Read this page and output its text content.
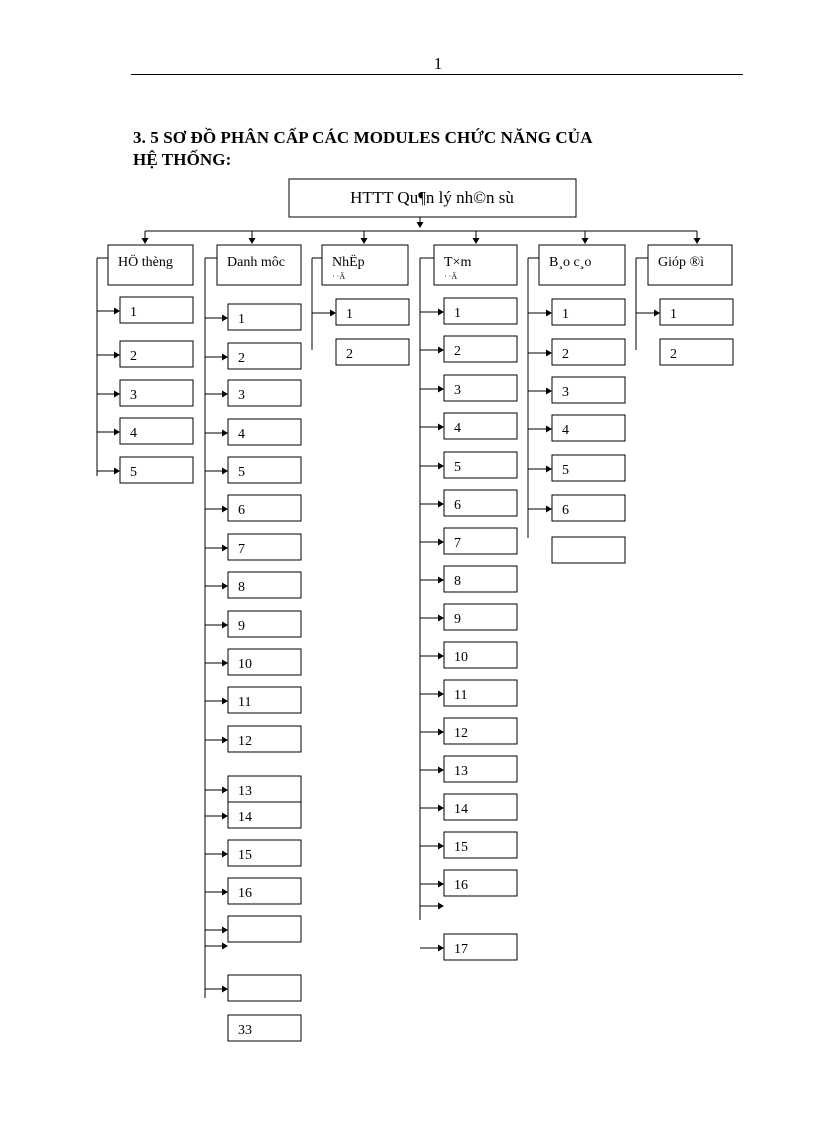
1
3. 5 SƠ ĐỒ PHÂN CẤP CÁC MODULES CHỨC NĂNG CỦA
HỆ THỐNG:
HTTT Qu¶n lý nh©n sù
HÖ thèng
1
2
3
4
5
Danh môc
1
2
3
4
5
6
7
8
9
10
11
12
13
14
15
16
33
NhËp
· ·Ä
1
2
T×m
· ·Ä
1
2
3
4
5
6
7
8
9
10
11
12
13
14
15
16
17
B¸o c¸o
1
2
3
4
5
6
Gióp ®ì
1
2
